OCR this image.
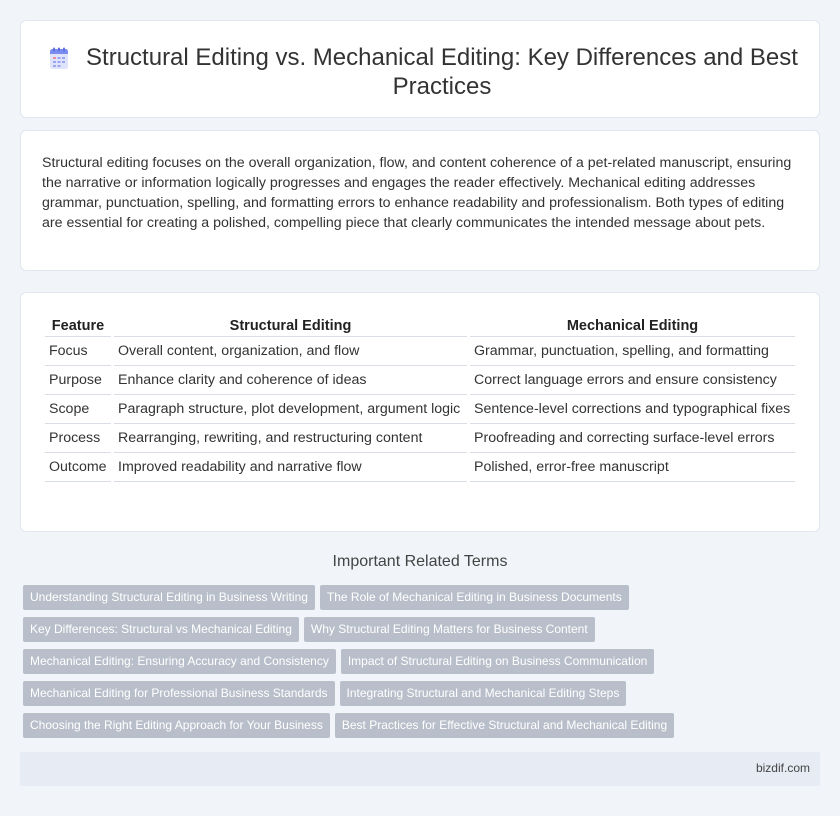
Structural Editing vs. Mechanical Editing: Key Differences and Best Practices

Structural editing focuses on the overall organization, flow, and content coherence of a pet-related manuscript, ensuring the narrative or information logically progresses and engages the reader effectively. Mechanical editing addresses grammar, punctuation, spelling, and formatting errors to enhance readability and professionalism. Both types of editing are essential for creating a polished, compelling piece that clearly communicates the intended message about pets.

Feature	Structural Editing	Mechanical Editing
Focus	Overall content, organization, and flow	Grammar, punctuation, spelling, and formatting
Purpose	Enhance clarity and coherence of ideas	Correct language errors and ensure consistency
Scope	Paragraph structure, plot development, argument logic	Sentence-level corrections and typographical fixes
Process	Rearranging, rewriting, and restructuring content	Proofreading and correcting surface-level errors
Outcome	Improved readability and narrative flow	Polished, error-free manuscript
Important Related Terms
Understanding Structural Editing in Business Writing The Role of Mechanical Editing in Business Documents
Key Differences: Structural vs Mechanical Editing Why Structural Editing Matters for Business Content
Mechanical Editing: Ensuring Accuracy and Consistency Impact of Structural Editing on Business Communication
Mechanical Editing for Professional Business Standards Integrating Structural and Mechanical Editing Steps
Choosing the Right Editing Approach for Your Business Best Practices for Effective Structural and Mechanical Editing
bizdif.com
